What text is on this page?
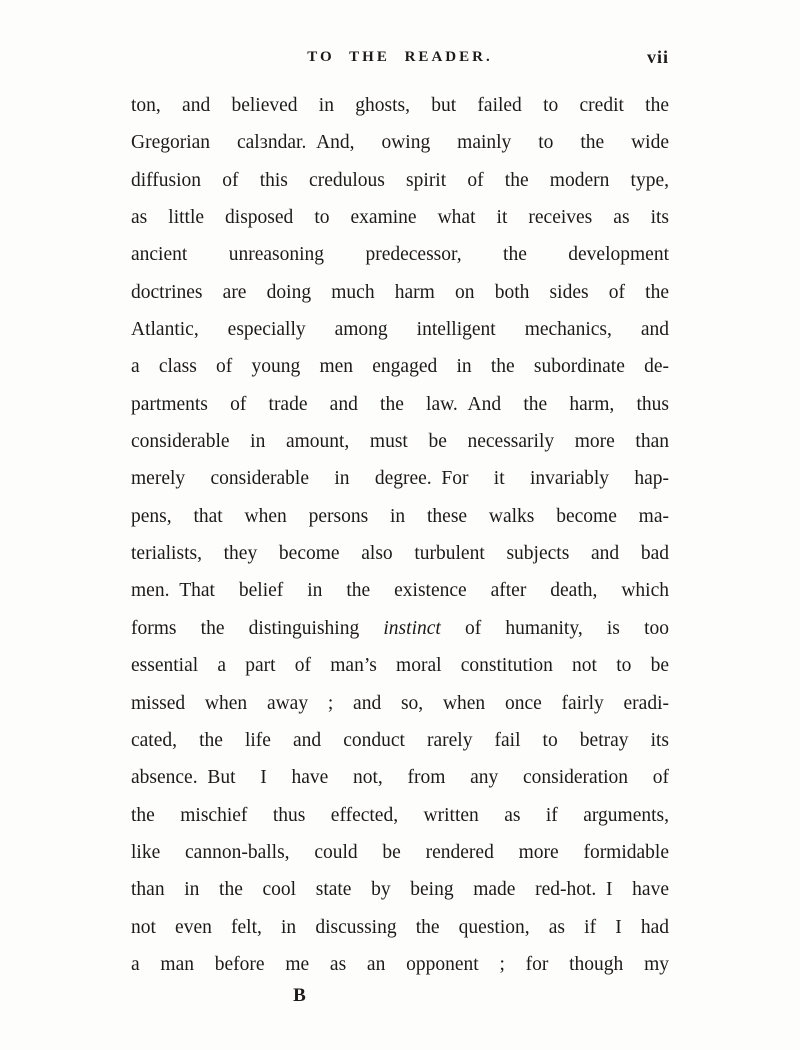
TO THE READER.	vii
ton, and believed in ghosts, but failed to credit the
Gregorian calɜndar. And, owing mainly to the wide
diffusion of this credulous spirit of the modern type,
as little disposed to examine what it receives as its
ancient unreasoning predecessor, the development
doctrines are doing much harm on both sides of the
Atlantic, especially among intelligent mechanics, and
a class of young men engaged in the subordinate de-
partments of trade and the law. And the harm, thus
considerable in amount, must be necessarily more than
merely considerable in degree. For it invariably hap-
pens, that when persons in these walks become ma-
terialists, they become also turbulent subjects and bad
men. That belief in the existence after death, which
forms the distinguishing instinct of humanity, is too
essential a part of man’s moral constitution not to be
missed when away ; and so, when once fairly eradi-
cated, the life and conduct rarely fail to betray its
absence. But I have not, from any consideration of
the mischief thus effected, written as if arguments,
like cannon-balls, could be rendered more formidable
than in the cool state by being made red-hot. I have
not even felt, in discussing the question, as if I had
a man before me as an opponent ; for though my
B
